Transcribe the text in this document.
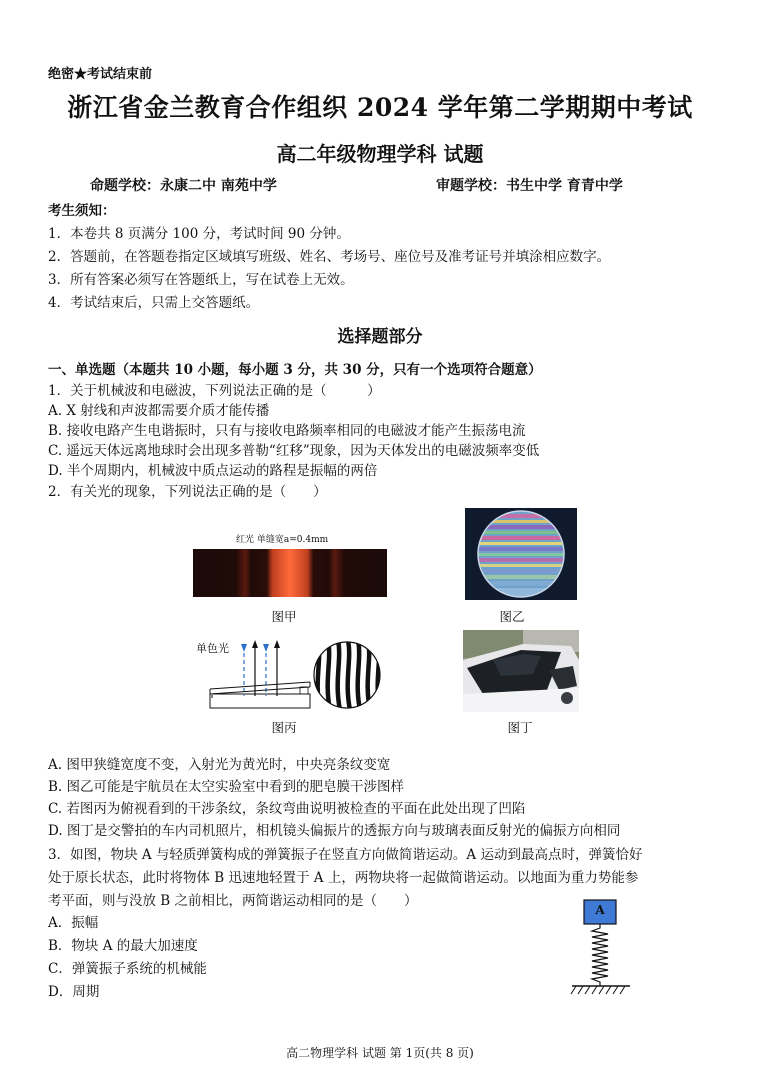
绝密★考试结束前
浙江省金兰教育合作组织 2024 学年第二学期期中考试
高二年级物理学科 试题
命题学校：永康二中 南苑中学	审题学校：书生中学 育青中学
考生须知：
1．本卷共 8 页满分 100 分，考试时间 90 分钟。
2．答题前，在答题卷指定区域填写班级、姓名、考场号、座位号及准考证号并填涂相应数字。
3．所有答案必须写在答题纸上，写在试卷上无效。
4．考试结束后，只需上交答题纸。
选择题部分
一、单选题（本题共 10 小题，每小题 3 分，共 30 分，只有一个选项符合题意）
1．关于机械波和电磁波，下列说法正确的是（　　　）
A. X 射线和声波都需要介质才能传播
B. 接收电路产生电谐振时，只有与接收电路频率相同的电磁波才能产生振荡电流
C. 遥远天体远离地球时会出现多普勒“红移”现象，因为天体发出的电磁波频率变低
D. 半个周期内，机械波中质点运动的路程是振幅的两倍
2．有关光的现象，下列说法正确的是（　　）
红光 单缝宽a=0.4mm
图甲	图乙
单色光
图丙	图丁
A. 图甲狭缝宽度不变，入射光为黄光时，中央亮条纹变宽
B. 图乙可能是宇航员在太空实验室中看到的肥皂膜干涉图样
C. 若图丙为俯视看到的干涉条纹，条纹弯曲说明被检查的平面在此处出现了凹陷
D. 图丁是交警拍的车内司机照片，相机镜头偏振片的透振方向与玻璃表面反射光的偏振方向相同
3．如图，物块 A 与轻质弹簧构成的弹簧振子在竖直方向做简谐运动。A 运动到最高点时，弹簧恰好
处于原长状态，此时将物体 B 迅速地轻置于 A 上，两物块将一起做简谐运动。以地面为重力势能参
考平面，则与没放 B 之前相比，两简谐运动相同的是（　　）
A．振幅
B．物块 A 的最大加速度
C．弹簧振子系统的机械能
D．周期
A
高二物理学科 试题 第 1页(共 8 页)
